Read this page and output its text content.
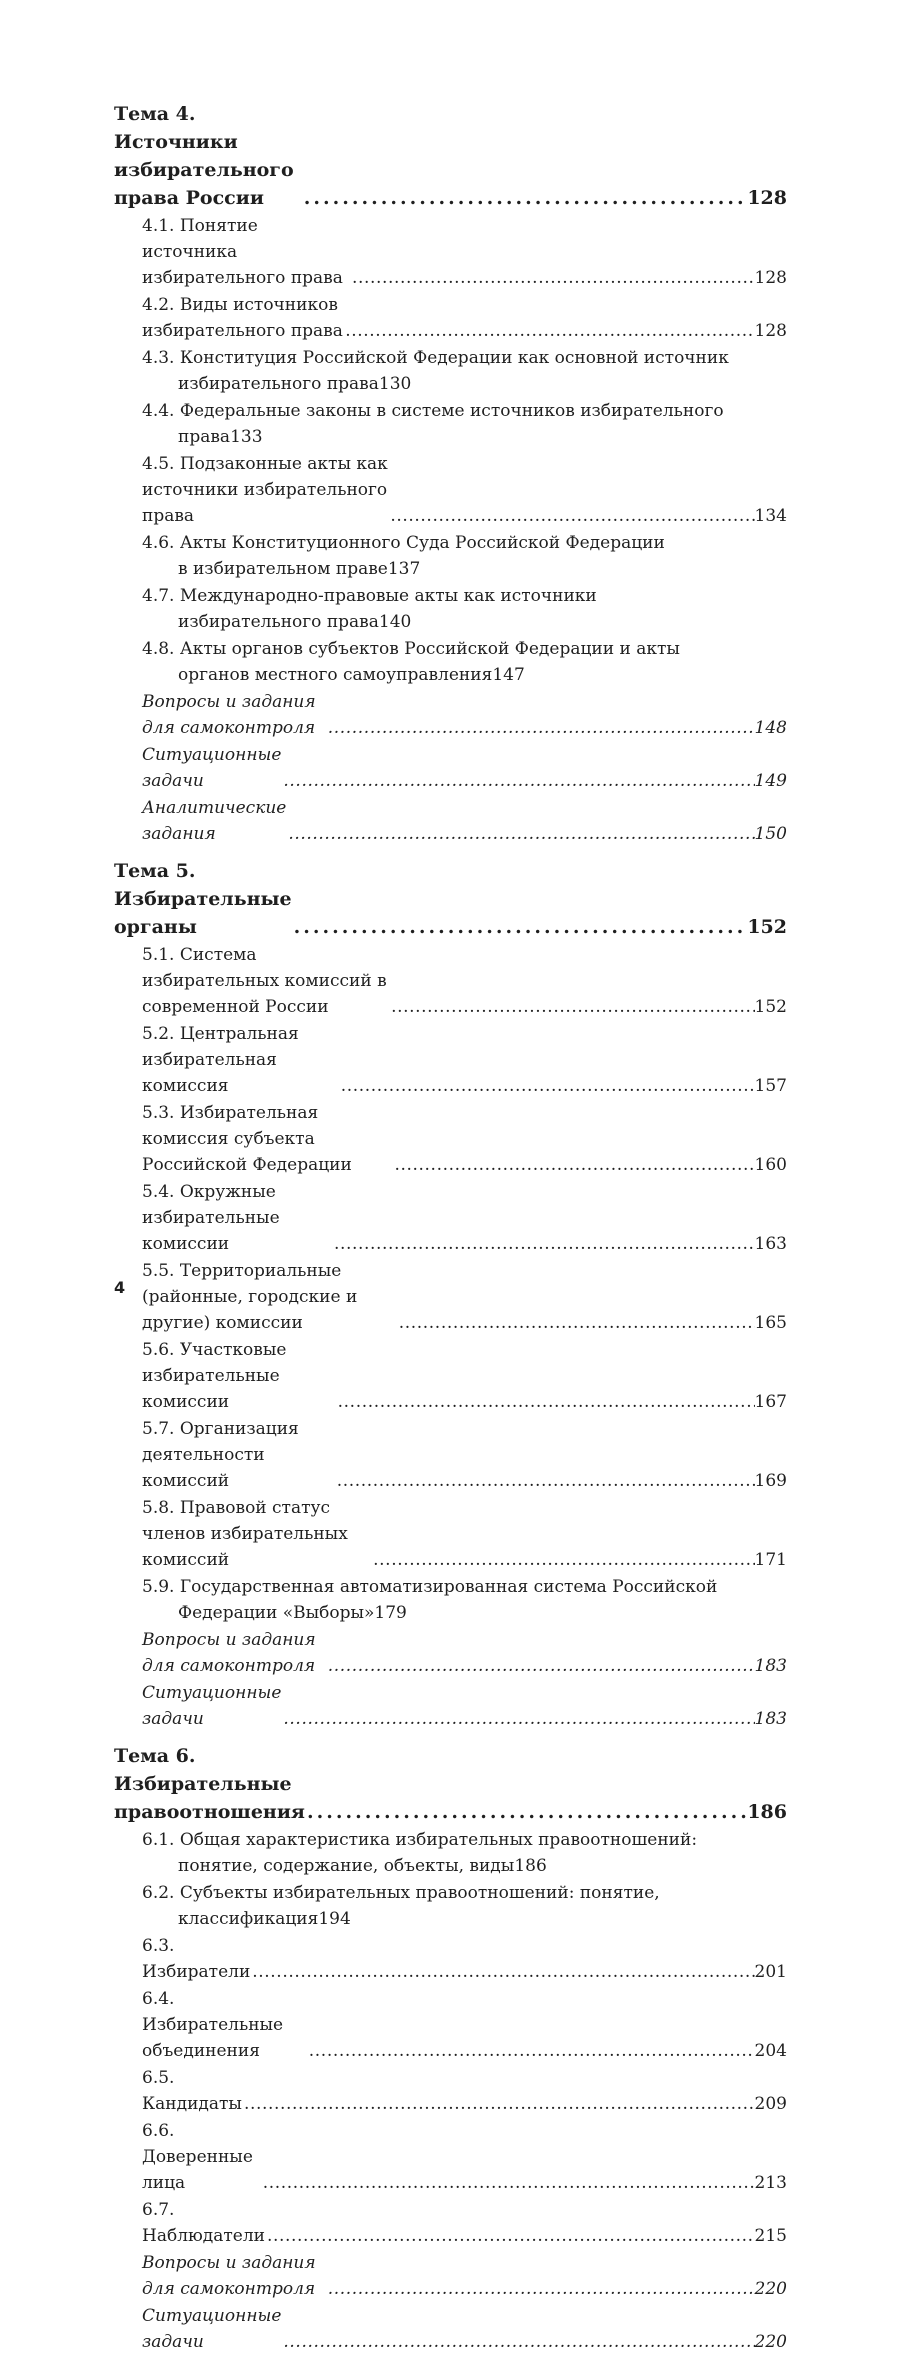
Тема 4. Источники избирательного права России . . .	128
4.1. Понятие источника избирательного права . . .	128
4.2. Виды источников избирательного права . . .	128
4.3. Конституция Российской Федерации как основной источник
избирательного права 130
4.4. Федеральные законы в системе источников избирательного
права 133
4.5. Подзаконные акты как источники избирательного права . . .	134
4.6. Акты Конституционного Суда Российской Федерации
в избирательном праве 137
4.7. Международно-правовые акты как источники
избирательного права 140
4.8. Акты органов субъектов Российской Федерации и акты
органов местного самоуправления 147
Вопросы и задания для самоконтроля . . .	148
Ситуационные задачи . . .	149
Аналитические задания . . .	150
Тема 5. Избирательные органы . . .	152
5.1. Система избирательных комиссий в современной России . . .	152
5.2. Центральная избирательная комиссия . . .	157
5.3. Избирательная комиссия субъекта Российской Федерации . . .	160
5.4. Окружные избирательные комиссии . . .	163
5.5. Территориальные (районные, городские и другие) комиссии . . .	165
5.6. Участковые избирательные комиссии . . .	167
5.7. Организация деятельности комиссий . . .	169
5.8. Правовой статус членов избирательных комиссий . . .	171
5.9. Государственная автоматизированная система Российской
Федерации «Выборы» 179
Вопросы и задания для самоконтроля . . .	183
Ситуационные задачи . . .	183
Тема 6. Избирательные правоотношения . . .	186
6.1. Общая характеристика избирательных правоотношений:
понятие, содержание, объекты, виды 186
6.2. Субъекты избирательных правоотношений: понятие,
классификация 194
6.3. Избиратели . . .	201
6.4. Избирательные объединения . . .	204
6.5. Кандидаты . . .	209
6.6. Доверенные лица . . .	213
6.7. Наблюдатели . . .	215
Вопросы и задания для самоконтроля . . .	220
Ситуационные задачи . . .	220
4
